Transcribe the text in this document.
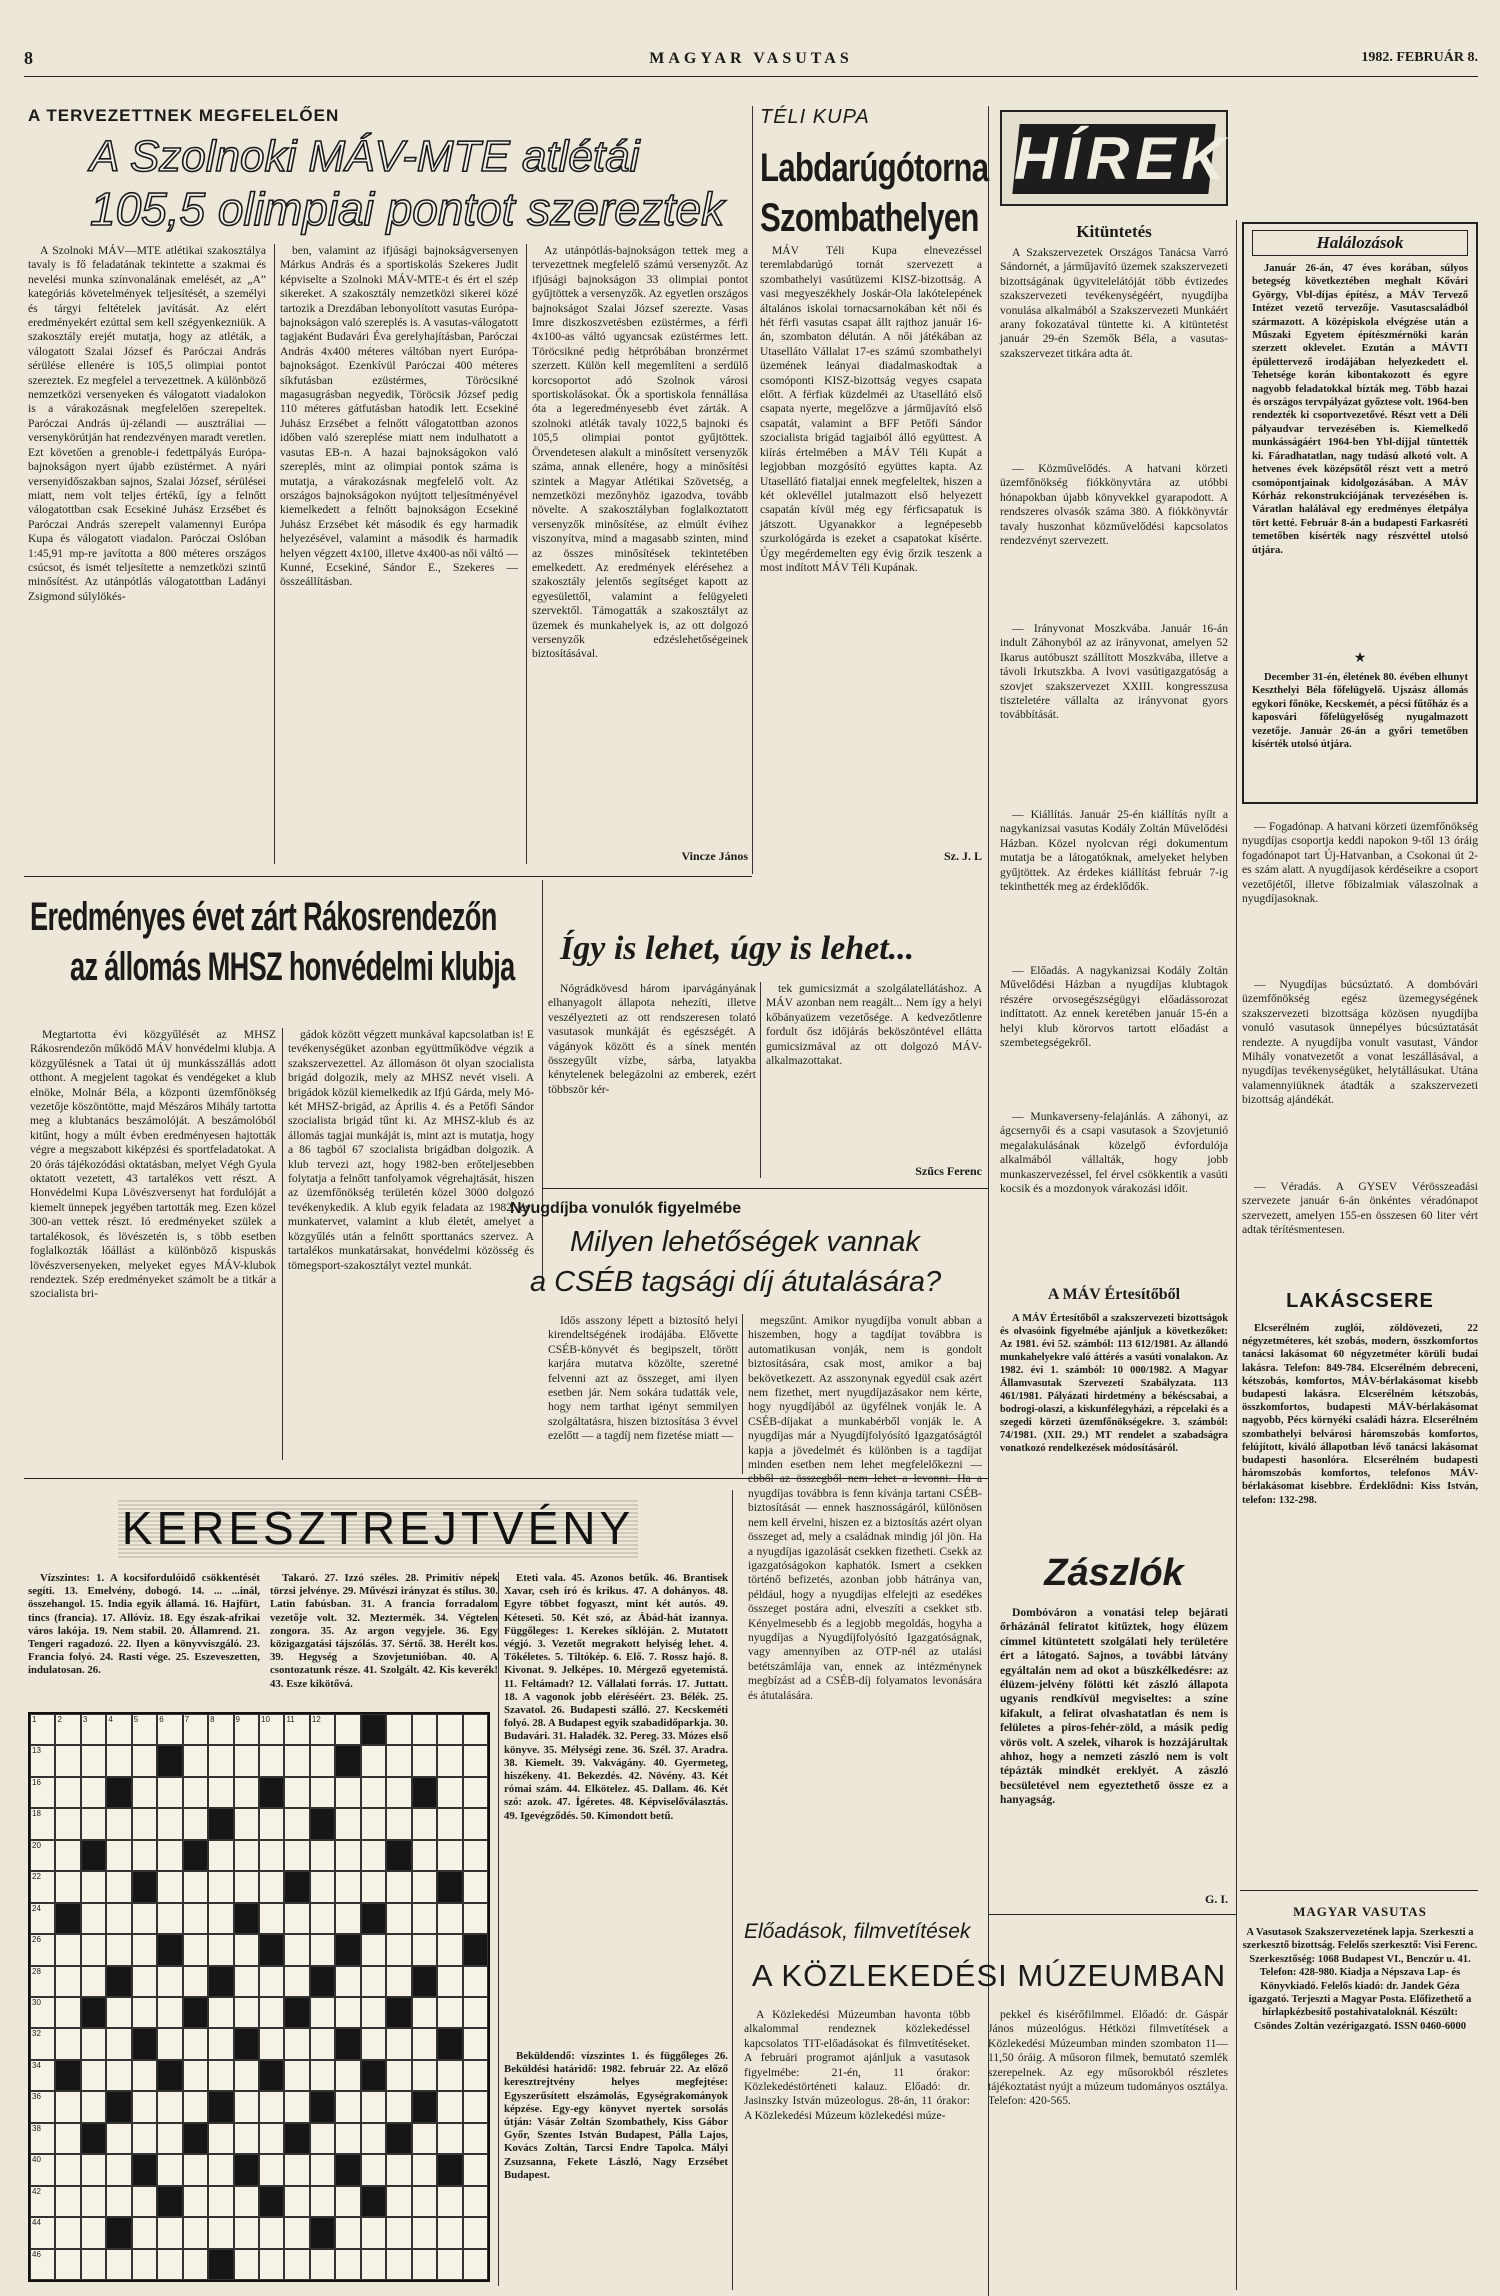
8	MAGYAR VASUTAS	1982. FEBRUÁR 8.
A TERVEZETTNEK MEGFELELŐEN
A Szolnoki MÁV-MTE atlétái
105,5 olimpiai pontot szereztek

A Szolnoki MÁV—MTE atlétikai szakosztálya tavaly is fő feladatának tekintette a szakmai és nevelési munka színvonalának emelését, az „A” kategóriás követelmények teljesítését, a személyi és tárgyi feltételek javítását. Az elért eredményekért ezúttal sem kell szégyenkezniük. A szakosztály erejét mutatja, hogy az atléták, a válogatott Szalai József és Paróczai András sérülése ellenére is 105,5 olimpiai pontot szereztek. Ez megfelel a tervezettnek. A különböző nemzetközi versenyeken és válogatott viadalokon is a várakozásnak megfelelően szerepeltek. Paróczai András új-zélandi — ausztráliai — versenykörútján hat rendezvényen maradt veretlen. Ezt követően a grenoble-i fedettpályás Európa-bajnokságon nyert újabb ezüstérmet. A nyári versenyidőszakban sajnos, Szalai József, sérülései miatt, nem volt teljes értékű, így a felnőtt válogatottban csak Ecsekiné Juhász Erzsébet és Paróczai András szerepelt valamennyi Európa Kupa és válogatott viadalon. Paróczai Oslóban 1:45,91 mp-re javította a 800 méteres országos csúcsot, és ismét teljesítette a nemzetközi szintű minősítést. Az utánpótlás válogatottban Ladányi Zsigmond súlylökés-

ben, valamint az ifjúsági bajnokságversenyen Márkus András és a sportiskolás Szekeres Judit képviselte a Szolnoki MÁV-MTE-t és ért el szép sikereket. A szakosztály nemzetközi sikerei közé tartozik a Drezdában lebonyolított vasutas Európa-bajnokságon való szereplés is. A vasutas-válogatott tagjaként Budavári Éva gerelyhajításban, Paróczai András 4x400 méteres váltóban nyert Európa-bajnokságot. Ezenkívül Paróczai 400 méteres síkfutásban ezüstérmes, Töröcsikné magasugrásban negyedik, Töröcsik József pedig 110 méteres gátfutásban hatodik lett. Ecsekiné Juhász Erzsébet a felnőtt válogatottban azonos időben való szereplése miatt nem indulhatott a vasutas EB-n. A hazai bajnokságokon való szereplés, mint az olimpiai pontok száma is mutatja, a várakozásnak megfelelő volt. Az országos bajnokságokon nyújtott teljesítményével kiemelkedett a felnőtt bajnokságon Ecsekiné Juhász Erzsébet két második és egy harmadik helyezésével, valamint a második és harmadik helyen végzett 4x100, illetve 4x400-as női váltó — Kunné, Ecsekiné, Sándor E., Szekeres — összeállításban.

Az utánpótlás-bajnokságon tettek meg a tervezettnek megfelelő számú versenyzőt. Az ifjúsági bajnokságon 33 olimpiai pontot gyűjtöttek a versenyzők. Az egyetlen országos bajnokságot Szalai József szerezte. Vasas Imre diszkoszvetésben ezüstérmes, a férfi 4x100-as váltó ugyancsak ezüstérmes lett. Töröcsikné pedig hétpróbában bronzérmet szerzett. Külön kell megemlíteni a serdülő korcsoportot adó Szolnok városi sportiskolásokat. Ők a sportiskola fennállása óta a legeredményesebb évet zárták. A szolnoki atléták tavaly 1022,5 bajnoki és 105,5 olimpiai pontot gyűjtöttek. Örvendetesen alakult a minősített versenyzők száma, annak ellenére, hogy a minősítési szintek a Magyar Atlétikai Szövetség, a nemzetközi mezőnyhöz igazodva, tovább növelte. A szakosztályban foglalkoztatott versenyzők minősítése, az elmúlt évihez viszonyítva, mind a magasabb szinten, mind az összes minősítések tekintetében emelkedett. Az eredmények elérésehez a szakosztály jelentős segítséget kapott az egyesülettől, valamint a felügyeleti szervektől. Támogatták a szakosztályt az üzemek és munkahelyek is, az ott dolgozó versenyzők edzéslehetőségeinek biztosításával.

Vincze János
TÉLI KUPA
Labdarúgótorna
Szombathelyen

MÁV Téli Kupa elnevezéssel teremlabdarúgó tornát szervezett a szombathelyi vasútüzemi KISZ-bizottság. A vasi megyeszékhely Joskár-Ola lakótelepének általános iskolai tornacsarnokában két női és hét férfi vasutas csapat állt rajthoz január 16-án, szombaton délután. A női játékában az Utaselláto Vállalat 17-es számú szombathelyi üzemének leányai diadalmaskodtak a csomóponti KISZ-bizottság vegyes csapata előtt. A férfiak küzdelméi az Utasellátó első csapata nyerte, megelőzve a járműjavító első csapatát, valamint a BFF Petőfi Sándor szocialista brigád tagjaiból álló együttest. A kiírás értelmében a MÁV Téli Kupát a legjobban mozgósító együttes kapta. Az Utasellátó fiataljai ennek megfeleltek, hiszen a két oklevéllel jutalmazott első helyezett csapatán kívül még egy férficsapatuk is játszott. Ugyanakkor a legnépesebb szurkológárda is ezeket a csapatokat kísérte. Úgy megérdemelten egy évig őrzik teszenk a most indított MÁV Téli Kupának.

Sz. J. L
HÍREK
Kitüntetés

A Szakszervezetek Országos Tanácsa Varró Sándornét, a járműjavító üzemek szakszervezeti bizottságának ügyvitelelátóját több évtizedes szakszervezeti tevékenységéért, nyugdíjba vonulása alkalmából a Szakszervezeti Munkáért arany fokozatával tüntette ki. A kitüntetést január 29-én Szemők Béla, a vasutas-szakszervezet titkára adta át.

— Közművelődés. A hatvani körzeti üzemfőnökség fiókkönyvtára az utóbbi hónapokban újabb könyvekkel gyarapodott. A rendszeres olvasók száma 380. A fiókkönyvtár tavaly huszonhat közművelődési kapcsolatos rendezvényt szervezett.

— Irányvonat Moszkvába. Január 16-án indult Záhonyból az az irányvonat, amelyen 52 Ikarus autóbuszt szállított Moszkvába, illetve a távoli Irkutszkba. A lvovi vasútigazgatóság a szovjet szakszervezet XXIII. kongresszusa tiszteletére vállalta az irányvonat gyors továbbítását.

— Kiállítás. Január 25-én kiállítás nyílt a nagykanizsai vasutas Kodály Zoltán Művelődési Házban. Közel nyolcvan régi dokumentum mutatja be a látogatóknak, amelyeket helyben gyűjtöttek. Az érdekes kiállítást február 7-ig tekinthették meg az érdeklődők.

— Előadás. A nagykanizsai Kodály Zoltán Művelődési Házban a nyugdíjas klubtagok részére orvosegészségügyi előadássorozat indíttatott. Az ennek keretében január 15-én a helyi klub körorvos tartott előadást a szembetegségekről.

— Munkaverseny-felajánlás. A záhonyi, az ágcsernyői és a csapi vasutasok a Szovjetunió megalakulásának közelgő évfordulója alkalmából vállalták, hogy jobb munkaszervezéssel, fel érvel csökkentik a vasúti kocsik és a mozdonyok várakozási időit.

Halálozások

Január 26-án, 47 éves korában, súlyos betegség következtében meghalt Kővári György, Vbl-díjas építész, a MÁV Tervező Intézet vezető tervezője. Vasutascsaládból származott. A középiskola elvégzése után a Műszaki Egyetem építészmérnöki karán szerzett oklevelet. Ezután a MÁVTI épülettervező irodájában helyezkedett el. Tehetsége korán kibontakozott és egyre nagyobb feladatokkal bízták meg. Több hazai és országos tervpályázat győztese volt. 1964-ben rendezték ki csoportvezetővé. Részt vett a Déli pályaudvar tervezésében is. Kiemelkedő munkásságáért 1964-ben Ybl-díjjal tüntették ki. Fáradhatatlan, nagy tudású alkotó volt. A hetvenes évek középsőtől részt vett a metró csomópontjainak kidolgozásában. A MÁV Kórház rekonstrukciójának tervezésében is. Váratlan halálával egy eredményes életpálya tört ketté. Február 8-án a budapesti Farkasréti temetőben kísérték nagy részvéttel utolsó útjára.

★

December 31-én, életének 80. évében elhunyt Keszthelyi Béla főfelügyelő. Ujszász állomás egykori főnöke, Kecskemét, a pécsi fűtőház és a kaposvári főfelügyelőség nyugalmazott vezetője. Január 26-án a győri temetőben kísérték utolsó útjára.

— Fogadónap. A hatvani körzeti üzemfőnökség nyugdíjas csoportja keddi napokon 9-től 13 óráig fogadónapot tart Új-Hatvanban, a Csokonai út 2-es szám alatt. A nyugdíjasok kérdéseikre a csoport vezetőjétől, illetve főbizalmiak válaszolnak a nyugdíjasoknak.

— Nyugdíjas búcsúztató. A dombóvári üzemfőnökség egész üzemegységének szakszervezeti bizottsága közösen nyugdíjba vonuló vasutasok ünnepélyes búcsúztatását rendezte. A nyugdíjba vonult vasutast, Vándor Mihály vonatvezetőt a vonat leszállásával, a nyugdíjas tevékenységüket, helytállásukat. Utána valamennyiüknek átadták a szakszervezeti bizottság ajándékát.

— Véradás. A GYSEV Vérösszeadási szervezete január 6-án önkéntes véradónapot szervezett, amelyen 155-en összesen 60 liter vért adtak térítésmentesen.

Eredményes évet zárt Rákosrendezőn
az állomás MHSZ honvédelmi klubja

Megtartotta évi közgyűlését az MHSZ Rákosrendezőn működő MÁV honvédelmi klubja. A közgyűlésnek a Tatai út új munkásszállás adott otthont. A megjelent tagokat és vendégeket a klub elnöke, Molnár Béla, a központi üzemfőnökség vezetője köszöntötte, majd Mészáros Mihály tartotta meg a klubtanács beszámolóját. A beszámolóból kitűnt, hogy a múlt évben eredményesen hajtották végre a megszabott kiképzési és sportfeladatokat. A 20 órás tájékozódási oktatásban, melyet Végh Gyula oktatott vezetett, 43 tartalékos vett részt. A Honvédelmi Kupa Lövészversenyt hat fordulóját a kiemelt ünnepek jegyében tartották meg. Ezen közel 300-an vettek részt. Ió eredményeket szülek a tartalékosok, és lövészetén is, s több esetben foglalkozták lőállást a különböző kispuskás lövészversenyeken, melyeket egyes MÁV-klubok rendeztek. Szép eredményeket számolt be a titkár a szocialista bri-

gádok között végzett munkával kapcsolatban is! E tevékenységüket azonban együttműködve végzik a szakszervezettel. Az állomáson öt olyan szocialista brigád dolgozik, mely az MHSZ nevét viseli. A brigádok közül kiemelkedik az Ifjú Gárda, mely Mó-két MHSZ-brigád, az Április 4. és a Petőfi Sándor szocialista brigád tűnt ki. Az MHSZ-klub és az állomás tagjai munkáját is, mint azt is mutatja, hogy a 86 tagból 67 szocialista brigádban dolgozik. A klub tervezi azt, hogy 1982-ben erőteljesebben folytatja a felnőtt tanfolyamok végrehajtását, hiszen az üzemfőnökség területén közel 3000 dolgozó tevékenykedik. A klub egyik feladata az 1982. évi munkatervet, valamint a klub életét, amelyet a közgyűlés után a felnőtt sporttanács szervez. A tartalékos munkatársakat, honvédelmi közösség és tömegsport-szakosztályt veztel munkát.

Így is lehet, úgy is lehet...

Nógrádkövesd három iparvágányának elhanyagolt állapota nehezíti, illetve veszélyezteti az ott rendszeresen tolató vasutasok munkáját és egészségét. A vágányok között és a sínek mentén összegyűlt vízbe, sárba, latyakba kénytelenek belegázolni az emberek, ezért többször kér-

tek gumicsizmát a szolgálatellátáshoz. A MÁV azonban nem reagált... Nem így a helyi kőbányaüzem vezetősége. A kedvezőtlenre fordult ősz időjárás beköszöntével ellátta gumicsizmával az ott dolgozó MÁV-alkalmazottakat.

Szűcs Ferenc
Nyugdíjba vonulók figyelmébe
Milyen lehetőségek vannak
a CSÉB tagsági díj átutalására?

Idős asszony lépett a biztosító helyi kirendeltségének irodájába. Elővette CSÉB-könyvét és begipszelt, törött karjára mutatva közölte, szeretné felvenni azt az összeget, ami ilyen esetben jár. Nem sokára tudatták vele, hogy nem tarthat igényt semmilyen szolgáltatásra, hiszen biztosítása 3 évvel ezelőtt — a tagdíj nem fizetése miatt —

megszűnt. Amikor nyugdíjba vonult abban a hiszemben, hogy a tagdíjat továbbra is automatikusan vonják, nem is gondolt biztosítására, csak most, amikor a baj bekövetkezett. Az asszonynak egyedül csak azért nem fizethet, mert nyugdíjazásakor nem kérte, hogy nyugdíjából az ügyfélnek vonják le. A CSÉB-díjakat a munkabérből vonják le. A nyugdíjas már a Nyugdíjfolyósító Igazgatóságtól kapja a jövedelmét és különben is a tagdíjat minden esetben nem lehet megfelelőkezni — ebből az összegből nem lehet a levonni. Ha a nyugdíjas továbbra is fenn kívánja tartani CSÉB-biztosítását — ennek hasznosságáról, különösen nem kell érvelni, hiszen ez a biztosítás azért olyan összeget ad, mely a családnak mindig jól jön. Ha a nyugdíjas igazolását csekken fizetheti. Csekk az igazgatóságokon kaphatók. Ismert a csekken történő befizetés, azonban jobb hátránya van, például, hogy a nyugdíjas elfelejti az esedékes összeget postára adni, elveszíti a csekket stb. Kényelmesebb és a legjobb megoldás, hogyha a nyugdíjas a Nyugdíjfolyósító Igazgatóságnak, vagy amennyiben az OTP-nél az utalási betétszámlája van, ennek az intézménynek megbízást ad a CSÉB-díj folyamatos levonására és átutalására.

KERESZTREJTVÉNY

Vízszintes: 1. A kocsifordulóidő csökkentését segíti. 13. Emelvény, dobogó. 14. ... ...inál, összehangol. 15. India egyik államá. 16. Hajfürt, tincs (francia). 17. Allóviz. 18. Egy észak-afrikai város lakója. 19. Nem stabil. 20. Államrend. 21. Tengeri ragadozó. 22. Ilyen a könyvviszgáló. 23. Francia folyó. 24. Rasti vége. 25. Eszeveszetten, indulatosan. 26.

Takaró. 27. Izzó széles. 28. Primitív népek törzsi jelvénye. 29. Művészi irányzat és stílus. 30. Latin fabúsban. 31. A francia forradalom vezetője volt. 32. Meztermék. 34. Végtelen zongora. 35. Az argon vegyjele. 36. Egy közigazgatási tájszólás. 37. Sértő. 38. Herélt kos. 39. Hegység a Szovjetunióban. 40. A csontozatunk része. 41. Szolgált. 42. Kis keverék! 43. Esze kikötővá.

Eteti vala. 45. Azonos betűk. 46. Brantisek Xavar, cseh író és krikus. 47. A dohányos. 48. Egyre többet fogyaszt, mint két autós. 49. Kéteseti. 50. Két szó, az Ábád-hát izannya. Függőleges: 1. Kerekes síklóján. 2. Mutatott végjó. 3. Vezetőt megrakott helyiség lehet. 4. Tökéletes. 5. Tiltókép. 6. Elő. 7. Rossz hajó. 8. Kivonat. 9. Jelképes. 10. Mérgező egyetemistá. 11. Feltámadt? 12. Vállalati forrás. 17. Juttatt. 18. A vagonok jobb eléréséért. 23. Bélék. 25. Szavatol. 26. Budapesti szálló. 27. Kecskeméti folyó. 28. A Budapest egyik szabadidőparkja. 30. Budavári. 31. Haladék. 32. Pereg. 33. Mózes első könyve. 35. Mélységi zene. 36. Szél. 37. Aradra. 38. Kiemelt. 39. Vakvágány. 40. Gyermeteg, hiszékeny. 41. Bekezdés. 42. Növény. 43. Két római szám. 44. Elkötelez. 45. Dallam. 46. Két szó: azok. 47. Ígéretes. 48. Képviselőválasztás. 49. Igevégződés. 50. Kimondott betű.

Beküldendő: vízszintes 1. és függőleges 26. Beküldési határidő: 1982. február 22. Az előző keresztrejtvény helyes megfejtése: Egyszerűsített elszámolás, Egységrakományok képzése. Egy-egy könyvet nyertek sorsolás útján: Vásár Zoltán Szombathely, Kiss Gábor Győr, Szentes István Budapest, Pálla Lajos, Kovács Zoltán, Tarcsi Endre Tapolca. Mályi Zsuzsanna, Fekete László, Nagy Erzsébet Budapest.

1	2	3	4	5	6	7	8	9	10 11 12
13
16
18
20
22
24
26
28
30
32
34
36
38
40
42
44
46
A MÁV Értesítőből

A MÁV Értesítőből a szakszervezeti bizottságok és olvasóink figyelmébe ajánljuk a következőket: Az 1981. évi 52. számból: 113 612/1981. Az állandó munkahelyekre való áttérés a vasúti vonalakon. Az 1982. évi 1. számból: 10 000/1982. A Magyar Államvasutak Szervezeti Szabályzata. 113 461/1981. Pályázati hirdetmény a békéscsabai, a bodrogi-olaszi, a kiskunfélegyházi, a répcelaki és a szegedi körzeti üzemfőnökségekre. 3. számból: 74/1981. (XII. 29.) MT rendelet a szabadságra vonatkozó rendelkezések módosításáról.

Zászlók

Dombóváron a vonatási telep bejárati őrházánál feliratot kitűztek, hogy élüzem címmel kitüntetett szolgálati hely területére ért a látogató. Sajnos, a további látvány egyáltalán nem ad okot a büszkélkedésre: az élüzem-jelvény fölötti két zászló állapota ugyanis rendkívül megviseltes: a színe kifakult, a felirat olvashatatlan és nem is felületes a piros-fehér-zöld, a másik pedig vörös volt. A szelek, viharok is hozzájárultak ahhoz, hogy a nemzeti zászló nem is volt tépázták mindkét ereklyét. A zászló becsületével nem egyeztethető össze ez a hanyagság.

G. I.
LAKÁSCSERE

Elcserélném zuglói, zöldövezeti, 22 négyzetméteres, két szobás, modern, összkomfortos tanácsi lakásomat 60 négyzetméter körüli budai lakásra. Telefon: 849-784. Elcserélném debreceni, kétszobás, komfortos, MÁV-bérlakásomat kisebb budapesti lakásra. Elcserélném kétszobás, összkomfortos, budapesti MÁV-bérlakásomat nagyobb, Pécs környéki családi házra. Elcserélném szombathelyi belvárosi háromszobás komfortos, felújított, kiváló állapotban lévő tanácsi lakásomat budapesti hasonlóra. Elcserélném budapesti háromszobás komfortos, telefonos MÁV-bérlakásomat kisebbre. Érdeklődni: Kiss István, telefon: 132-298.

MAGYAR VASUTAS

A Vasutasok Szakszervezetének lapja. Szerkeszti a szerkesztő bizottság. Felelős szerkesztő: Visi Ferenc. Szerkesztőség: 1068 Budapest VI., Benczúr u. 41. Telefon: 428-980. Kiadja a Népszava Lap- és Könyvkiadó. Felelős kiadó: dr. Jandek Géza igazgató. Terjeszti a Magyar Posta. Előfizethető a hírlapkézbesítő postahivataloknál. Készült: Csöndes Zoltán vezérigazgató. ISSN 0460-6000

Előadások, filmvetítések
A KÖZLEKEDÉSI MÚZEUMBAN

A Közlekedési Múzeumban havonta több alkalommal rendeznek közlekedéssel kapcsolatos TIT-előadásokat és filmvetítéseket. A februári programot ajánljuk a vasutasok figyelmébe: 21-én, 11 órakor: Közlekedéstörténeti kalauz. Előadó: dr. Jasinszky István múzeologus. 28-án, 11 órakor: A Közlekedési Múzeum közlekedési múze-

pekkel és kisérőfilmmel. Előadó: dr. Gáspár János múzeológus. Hétközi filmvetítések a Közlekedési Múzeumban minden szombaton 11—11,50 óráig. A műsoron filmek, bemutató szemlék szerepelnek. Az egy műsorokból részletes tájékoztatást nyújt a múzeum tudományos osztálya. Telefon: 420-565.
